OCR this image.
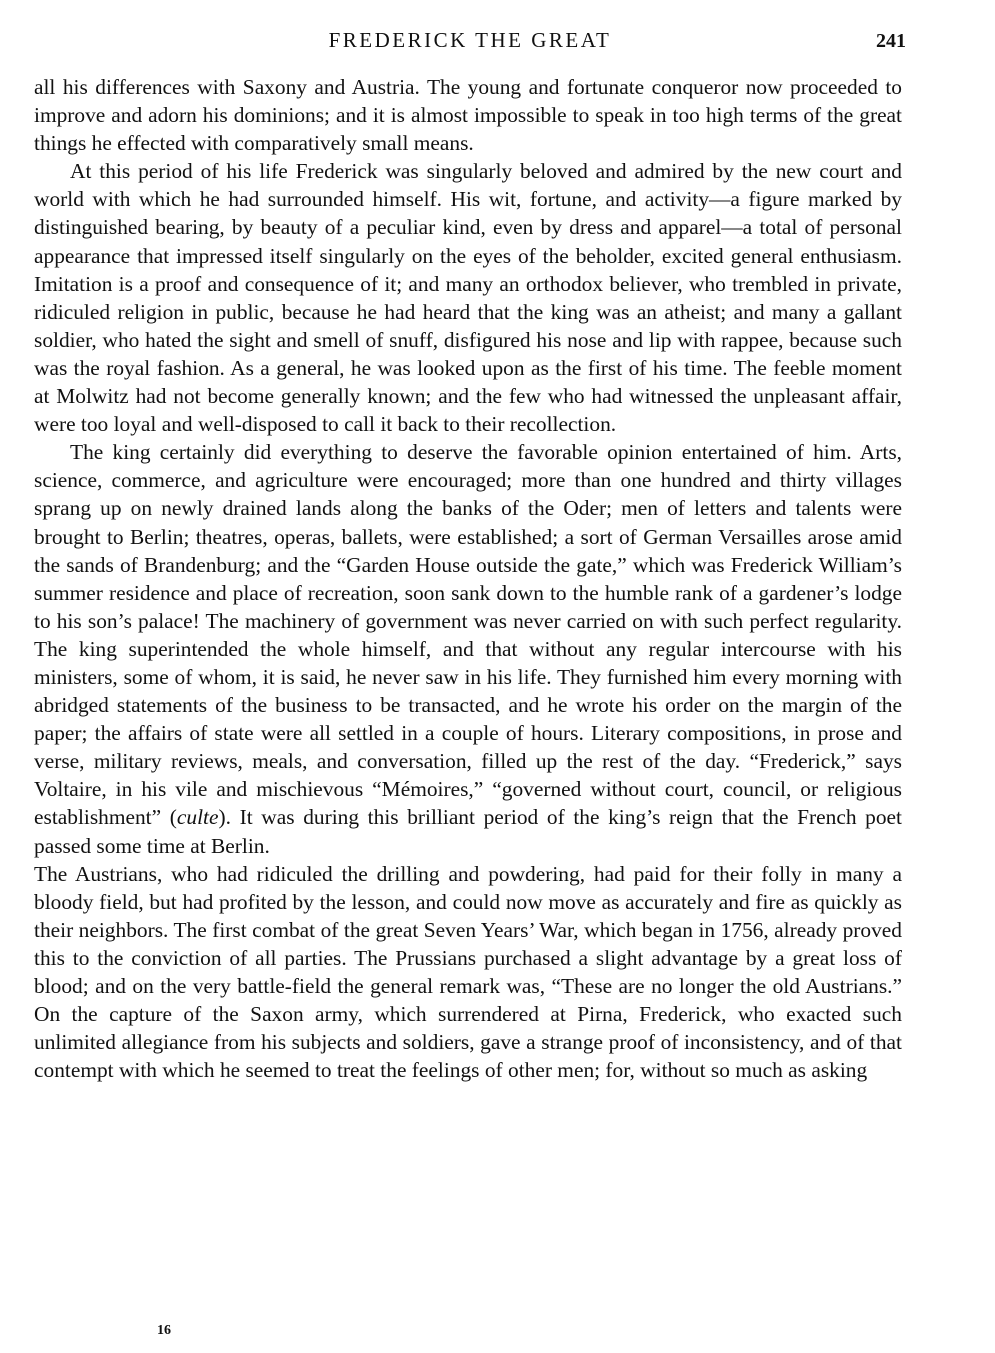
FREDERICK THE GREAT	241

all his differences with Saxony and Austria. The young and fortunate conqueror now proceeded to improve and adorn his dominions; and it is almost impossible to speak in too high terms of the great things he effected with comparatively small means.

At this period of his life Frederick was singularly beloved and admired by the new court and world with which he had surrounded himself. His wit, fortune, and activity—a figure marked by distinguished bearing, by beauty of a peculiar kind, even by dress and apparel—a total of personal appearance that impressed itself singularly on the eyes of the beholder, excited general enthusiasm. Imitation is a proof and consequence of it; and many an orthodox believer, who trembled in private, ridiculed religion in public, because he had heard that the king was an atheist; and many a gallant soldier, who hated the sight and smell of snuff, disfigured his nose and lip with rappee, because such was the royal fashion. As a general, he was looked upon as the first of his time. The feeble moment at Molwitz had not become generally known; and the few who had witnessed the unpleasant affair, were too loyal and well-disposed to call it back to their recollection.

The king certainly did everything to deserve the favorable opinion entertained of him. Arts, science, commerce, and agriculture were encouraged; more than one hundred and thirty villages sprang up on newly drained lands along the banks of the Oder; men of letters and talents were brought to Berlin; theatres, operas, ballets, were established; a sort of German Versailles arose amid the sands of Brandenburg; and the “Garden House outside the gate,” which was Frederick William’s summer residence and place of recreation, soon sank down to the humble rank of a gardener’s lodge to his son’s palace! The machinery of government was never carried on with such perfect regularity. The king superintended the whole himself, and that without any regular intercourse with his ministers, some of whom, it is said, he never saw in his life. They furnished him every morning with abridged statements of the business to be transacted, and he wrote his order on the margin of the paper; the affairs of state were all settled in a couple of hours. Literary compositions, in prose and verse, military reviews, meals, and conversation, filled up the rest of the day. “Frederick,” says Voltaire, in his vile and mischievous “Mémoires,” “governed without court, council, or religious establishment” (culte). It was during this brilliant period of the king’s reign that the French poet passed some time at Berlin.

The Austrians, who had ridiculed the drilling and powdering, had paid for their folly in many a bloody field, but had profited by the lesson, and could now move as accurately and fire as quickly as their neighbors. The first combat of the great Seven Years’ War, which began in 1756, already proved this to the conviction of all parties. The Prussians purchased a slight advantage by a great loss of blood; and on the very battle-field the general remark was, “These are no longer the old Austrians.” On the capture of the Saxon army, which surrendered at Pirna, Frederick, who exacted such unlimited allegiance from his subjects and soldiers, gave a strange proof of inconsistency, and of that contempt with which he seemed to treat the feelings of other men; for, without so much as asking

16
